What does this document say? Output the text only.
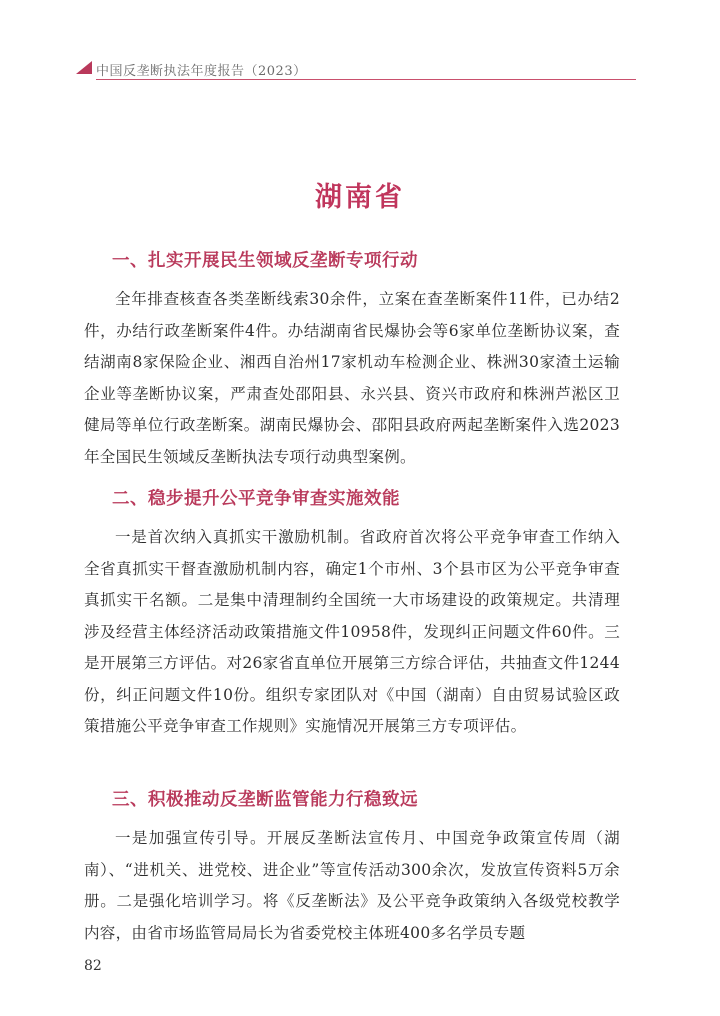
中国反垄断执法年度报告（2023）
湖南省
一、扎实开展民生领域反垄断专项行动

全年排查核查各类垄断线索30余件，立案在查垄断案件11件，已办结2件，办结行政垄断案件4件。办结湖南省民爆协会等6家单位垄断协议案，查结湖南8家保险企业、湘西自治州17家机动车检测企业、株洲30家渣土运输企业等垄断协议案，严肃查处邵阳县、永兴县、资兴市政府和株洲芦淞区卫健局等单位行政垄断案。湖南民爆协会、邵阳县政府两起垄断案件入选2023年全国民生领域反垄断执法专项行动典型案例。

二、稳步提升公平竞争审查实施效能

一是首次纳入真抓实干激励机制。省政府首次将公平竞争审查工作纳入全省真抓实干督查激励机制内容，确定1个市州、3个县市区为公平竞争审查真抓实干名额。二是集中清理制约全国统一大市场建设的政策规定。共清理涉及经营主体经济活动政策措施文件10958件，发现纠正问题文件60件。三是开展第三方评估。对26家省直单位开展第三方综合评估，共抽查文件1244份，纠正问题文件10份。组织专家团队对《中国（湖南）自由贸易试验区政策措施公平竞争审查工作规则》实施情况开展第三方专项评估。

三、积极推动反垄断监管能力行稳致远

一是加强宣传引导。开展反垄断法宣传月、中国竞争政策宣传周（湖南）、“进机关、进党校、进企业”等宣传活动300余次，发放宣传资料5万余册。二是强化培训学习。将《反垄断法》及公平竞争政策纳入各级党校教学内容，由省市场监管局局长为省委党校主体班400多名学员专题

82
